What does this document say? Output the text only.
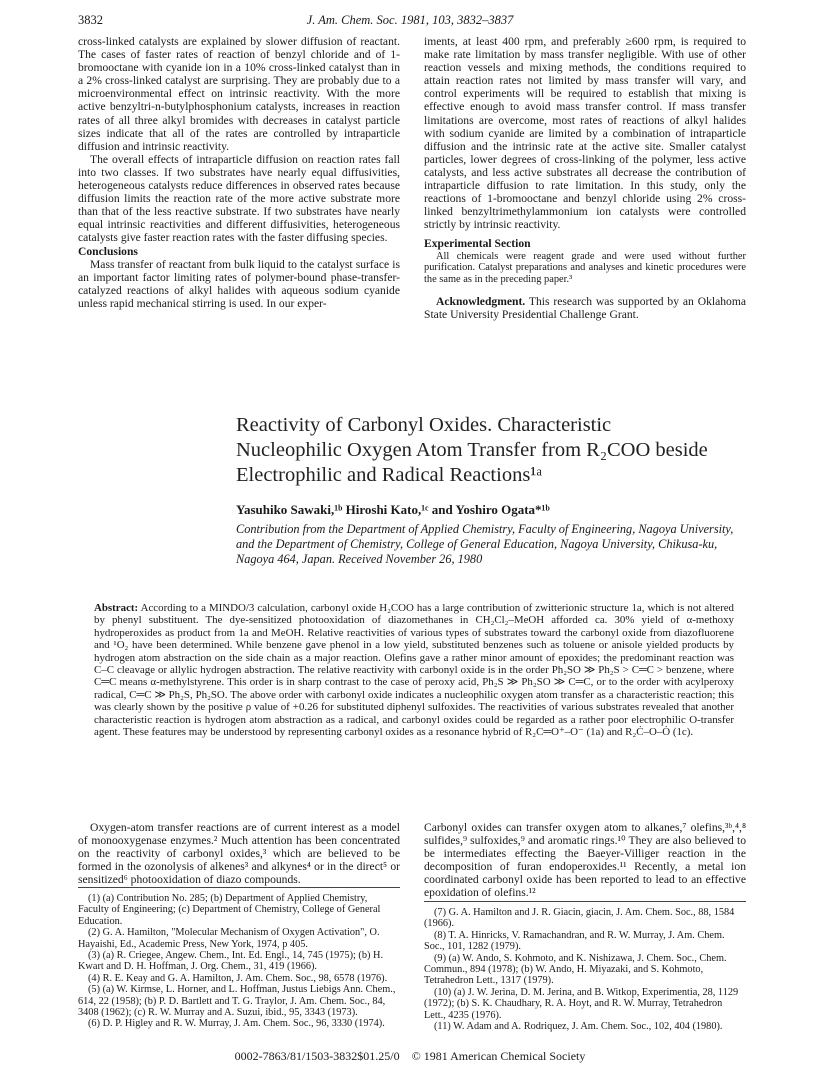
3832	J. Am. Chem. Soc. 1981, 103, 3832–3837

cross-linked catalysts are explained by slower diffusion of reactant. The cases of faster rates of reaction of benzyl chloride and of 1-bromooctane with cyanide ion in a 10% cross-linked catalyst than in a 2% cross-linked catalyst are surprising. They are probably due to a microenvironmental effect on intrinsic reactivity. With the more active benzyltri-n-butylphosphonium catalysts, increases in reaction rates of all three alkyl bromides with decreases in catalyst particle sizes indicate that all of the rates are controlled by intraparticle diffusion and intrinsic reactivity.

The overall effects of intraparticle diffusion on reaction rates fall into two classes. If two substrates have nearly equal diffusivities, heterogeneous catalysts reduce differences in observed rates because diffusion limits the reaction rate of the more active substrate more than that of the less reactive substrate. If two substrates have nearly equal intrinsic reactivities and different diffusivities, heterogeneous catalysts give faster reaction rates with the faster diffusing species.

Conclusions

Mass transfer of reactant from bulk liquid to the catalyst surface is an important factor limiting rates of polymer-bound phase-transfer-catalyzed reactions of alkyl halides with aqueous sodium cyanide unless rapid mechanical stirring is used. In our exper-

iments, at least 400 rpm, and preferably ≥600 rpm, is required to make rate limitation by mass transfer negligible. With use of other reaction vessels and mixing methods, the conditions required to attain reaction rates not limited by mass transfer will vary, and control experiments will be required to establish that mixing is effective enough to avoid mass transfer control. If mass transfer limitations are overcome, most rates of reactions of alkyl halides with sodium cyanide are limited by a combination of intraparticle diffusion and the intrinsic rate at the active site. Smaller catalyst particles, lower degrees of cross-linking of the polymer, less active catalysts, and less active substrates all decrease the contribution of intraparticle diffusion to rate limitation. In this study, only the reactions of 1-bromooctane and benzyl chloride using 2% cross-linked benzyltrimethylammonium ion catalysts were controlled strictly by intrinsic reactivity.

Experimental Section

All chemicals were reagent grade and were used without further purification. Catalyst preparations and analyses and kinetic procedures were the same as in the preceding paper.³

Acknowledgment. This research was supported by an Oklahoma State University Presidential Challenge Grant.

Reactivity of Carbonyl Oxides. Characteristic
Nucleophilic Oxygen Atom Transfer from R₂COO beside
Electrophilic and Radical Reactions¹ᵃ
Yasuhiko Sawaki,¹ᵇ Hiroshi Kato,¹ᶜ and Yoshiro Ogata*¹ᵇ
Contribution from the Department of Applied Chemistry, Faculty of Engineering, Nagoya University, and the Department of Chemistry, College of General Education, Nagoya University, Chikusa-ku, Nagoya 464, Japan. Received November 26, 1980
Abstract: According to a MINDO/3 calculation, carbonyl oxide H₂COO has a large contribution of zwitterionic structure 1a, which is not altered by phenyl substituent. The dye-sensitized photooxidation of diazomethanes in CH₂Cl₂–MeOH afforded ca. 30% yield of α-methoxy hydroperoxides as product from 1a and MeOH. Relative reactivities of various types of substrates toward the carbonyl oxide from diazofluorene and ¹O₂ have been determined. While benzene gave phenol in a low yield, substituted benzenes such as toluene or anisole yielded products by hydrogen atom abstraction on the side chain as a major reaction. Olefins gave a rather minor amount of epoxides; the predominant reaction was C–C cleavage or allylic hydrogen abstraction. The relative reactivity with carbonyl oxide is in the order Ph₂SO ≫ Ph₂S > C═C > benzene, where C═C means α-methylstyrene. This order is in sharp contrast to the case of peroxy acid, Ph₂S ≫ Ph₂SO ≫ C═C, or to the order with acylperoxy radical, C═C ≫ Ph₂S, Ph₂SO. The above order with carbonyl oxide indicates a nucleophilic oxygen atom transfer as a characteristic reaction; this was clearly shown by the positive ρ value of +0.26 for substituted diphenyl sulfoxides. The reactivities of various substrates revealed that another characteristic reaction is hydrogen atom abstraction as a radical, and carbonyl oxides could be regarded as a rather poor electrophilic O-transfer agent. These features may be understood by representing carbonyl oxides as a resonance hybrid of R₂C═O⁺–O⁻ (1a) and R₂Ċ–O–Ȯ (1c).

Oxygen-atom transfer reactions are of current interest as a model of monooxygenase enzymes.² Much attention has been concentrated on the reactivity of carbonyl oxides,³ which are believed to be formed in the ozonolysis of alkenes³ and alkynes⁴ or in the direct⁵ or sensitized⁶ photooxidation of diazo compounds.

Carbonyl oxides can transfer oxygen atom to alkanes,⁷ olefins,³ᵇ,⁴,⁸ sulfides,⁹ sulfoxides,⁹ and aromatic rings.¹⁰ They are also believed to be intermediates effecting the Baeyer-Villiger reaction in the decomposition of furan endoperoxides.¹¹ Recently, a metal ion coordinated carbonyl oxide has been reported to lead to an effective epoxidation of olefins.¹²

(1) (a) Contribution No. 285; (b) Department of Applied Chemistry, Faculty of Engineering; (c) Department of Chemistry, College of General Education.
(2) G. A. Hamilton, "Molecular Mechanism of Oxygen Activation", O. Hayaishi, Ed., Academic Press, New York, 1974, p 405.
(3) (a) R. Criegee, Angew. Chem., Int. Ed. Engl., 14, 745 (1975); (b) H. Kwart and D. H. Hoffman, J. Org. Chem., 31, 419 (1966).
(4) R. E. Keay and G. A. Hamilton, J. Am. Chem. Soc., 98, 6578 (1976).
(5) (a) W. Kirmse, L. Horner, and L. Hoffman, Justus Liebigs Ann. Chem., 614, 22 (1958); (b) P. D. Bartlett and T. G. Traylor, J. Am. Chem. Soc., 84, 3408 (1962); (c) R. W. Murray and A. Suzui, ibid., 95, 3343 (1973).
(6) D. P. Higley and R. W. Murray, J. Am. Chem. Soc., 96, 3330 (1974).
(7) G. A. Hamilton and J. R. Giacin, giacin, J. Am. Chem. Soc., 88, 1584 (1966).
(8) T. A. Hinricks, V. Ramachandran, and R. W. Murray, J. Am. Chem. Soc., 101, 1282 (1979).
(9) (a) W. Ando, S. Kohmoto, and K. Nishizawa, J. Chem. Soc., Chem. Commun., 894 (1978); (b) W. Ando, H. Miyazaki, and S. Kohmoto, Tetrahedron Lett., 1317 (1979).
(10) (a) J. W. Jerina, D. M. Jerina, and B. Witkop, Experimentia, 28, 1129 (1972); (b) S. K. Chaudhary, R. A. Hoyt, and R. W. Murray, Tetrahedron Lett., 4235 (1976).
(11) W. Adam and A. Rodriquez, J. Am. Chem. Soc., 102, 404 (1980).
0002-7863/81/1503-3832$01.25/0 © 1981 American Chemical Society
